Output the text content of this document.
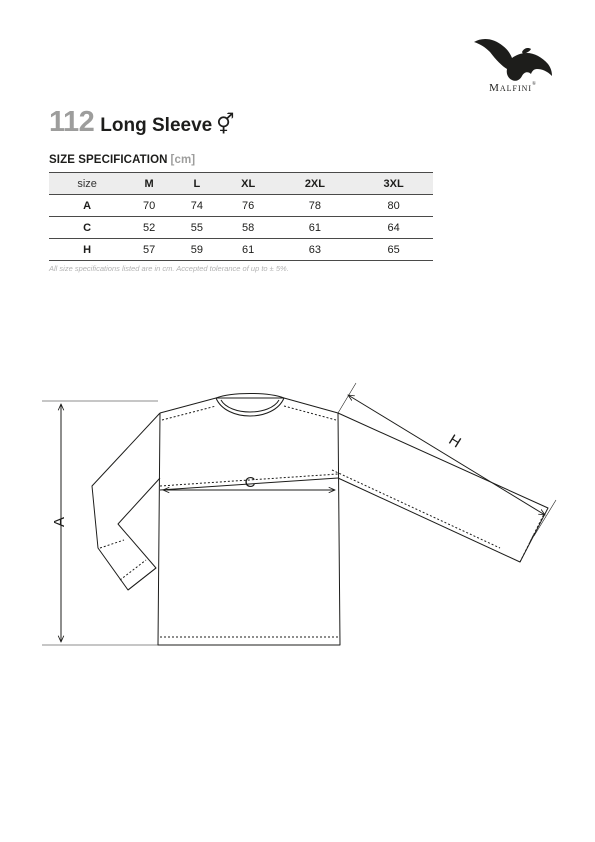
Malfini®
112 Long Sleeve ⚥
SIZE SPECIFICATION [cm]
size	M	L	XL	2XL	3XL
A	70	74	76	78	80
C	52	55	58	61	64
H	57	59	61	63	65
All size specifications listed are in cm. Accepted tolerance of up to ± 5%.
A
C
H
